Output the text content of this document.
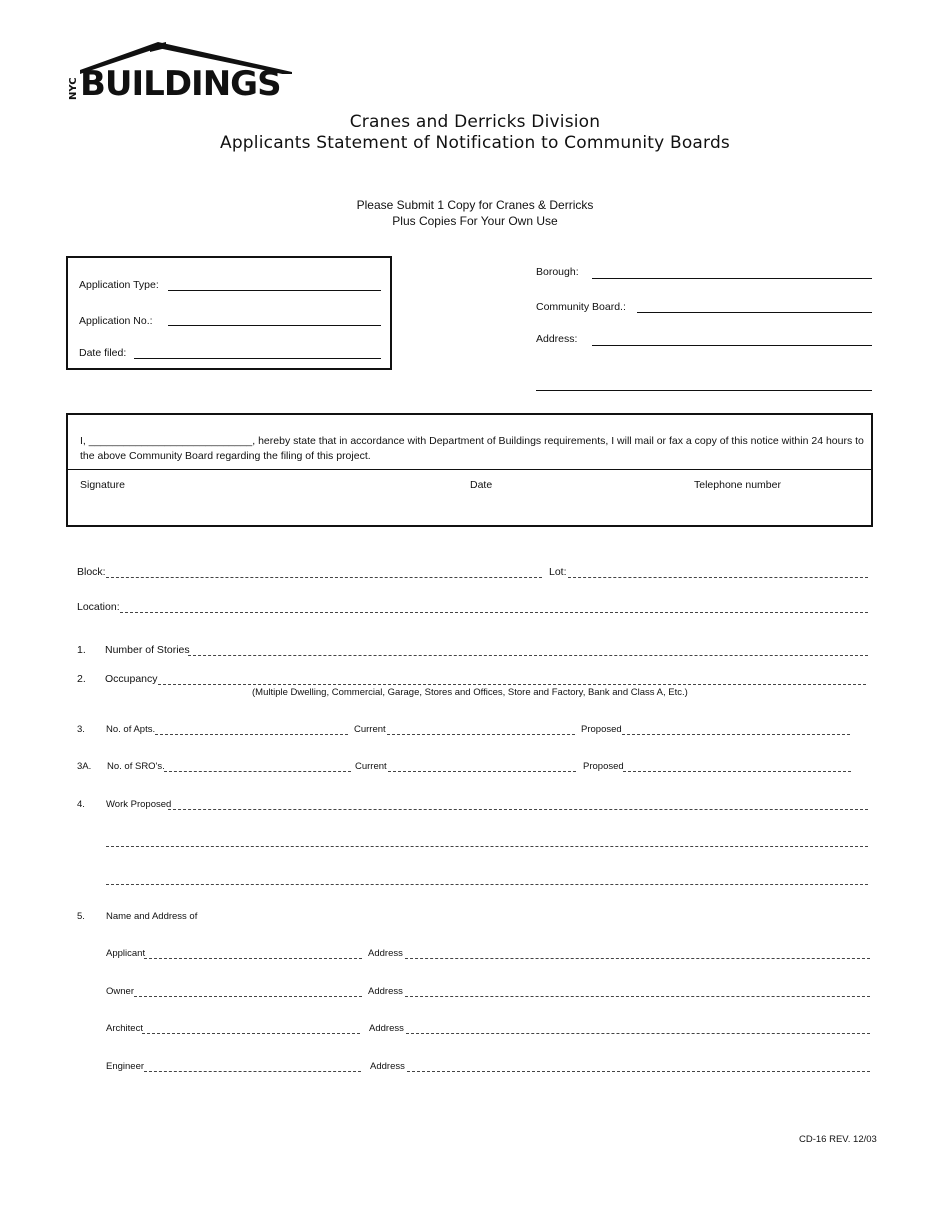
NYC BUILDINGS
Cranes and Derricks Division
Applicants Statement of Notification to Community Boards
Please Submit 1 Copy for Cranes & Derricks
Plus Copies For Your Own Use
Application Type:
Application No.:
Date filed:
Borough:
Community Board.:
Address:
I, ____________________________, hereby state that in accordance with Department of Buildings requirements, I will mail or fax a copy of this notice within 24 hours to
the above Community Board regarding the filing of this project.
Signature	Date	Telephone number
Block:	Lot:
Location:
1. Number of Stories
2. Occupancy
(Multiple Dwelling, Commercial, Garage, Stores and Offices, Store and Factory, Bank and Class A, Etc.)
3. No. of Apts.	Current	Proposed
3A. No. of SRO's.	Current	Proposed
4. Work Proposed
5. Name and Address of
Applicant	Address
Owner	Address
Architect	Address
Engineer	Address
CD-16 REV. 12/03
